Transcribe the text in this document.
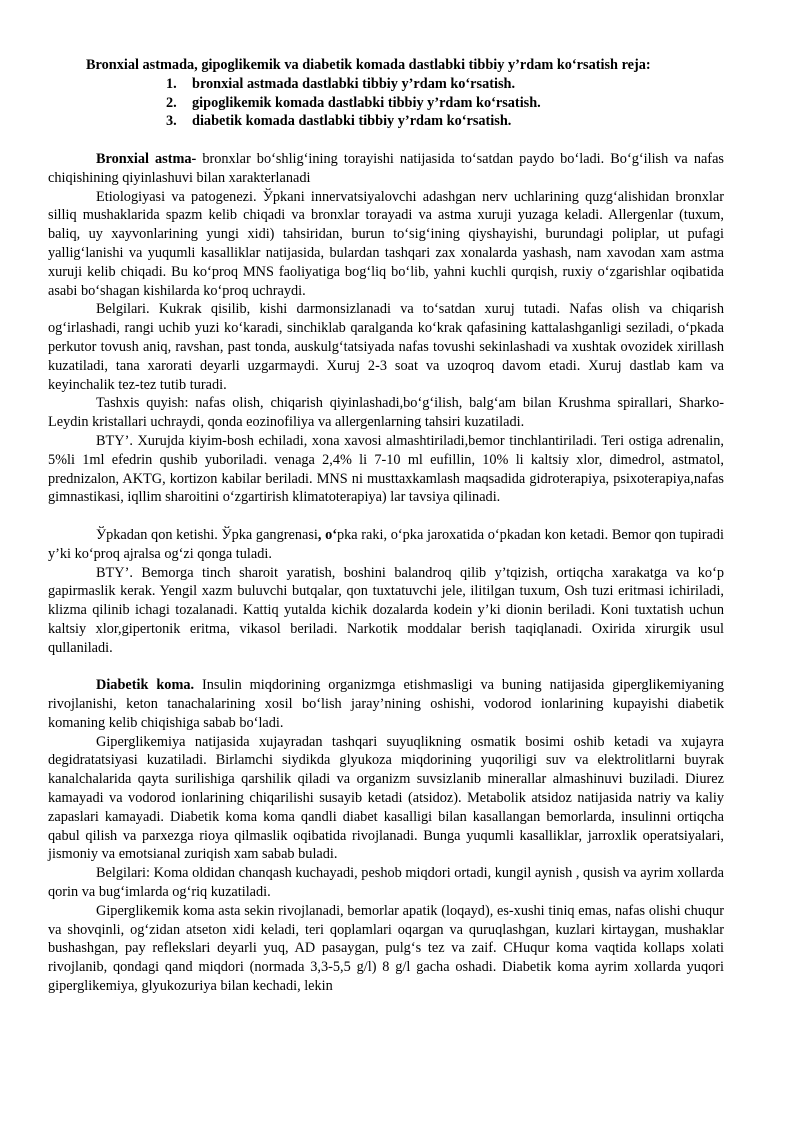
Bronxial astmada, gipoglikemik va diabetik komada dastlabki tibbiy y’rdam ko‘rsatish reja:

1.	bronxial astmada dastlabki tibbiy y’rdam ko‘rsatish.
2.	gipoglikemik komada dastlabki tibbiy y’rdam ko‘rsatish.
3.	diabetik komada dastlabki tibbiy y’rdam ko‘rsatish.

Bronxial astma- bronxlar bo‘shlig‘ining torayishi natijasida to‘satdan paydo bo‘ladi. Bo‘g‘ilish va nafas chiqishining qiyinlashuvi bilan xarakterlanadi

Etiologiyasi va patogenezi. Ўpkani innervatsiyalovchi adashgan nerv uchlarining quzg‘alishidan bronxlar silliq mushaklarida spazm kelib chiqadi va bronxlar torayadi va astma xuruji yuzaga keladi. Allergenlar (tuxum, baliq, uy xayvonlarining yungi xidi) tahsiridan, burun to‘sig‘ining qiyshayishi, burundagi poliplar, ut pufagi yallig‘lanishi va yuqumli kasalliklar natijasida, bulardan tashqari zax xonalarda yashash, nam xavodan xam astma xuruji kelib chiqadi. Bu ko‘proq MNS faoliyatiga bog‘liq bo‘lib, yahni kuchli qurqish, ruxiy o‘zgarishlar oqibatida asabi bo‘shagan kishilarda ko‘proq uchraydi.

Belgilari. Kukrak qisilib, kishi darmonsizlanadi va to‘satdan xuruj tutadi. Nafas olish va chiqarish og‘irlashadi, rangi uchib yuzi ko‘karadi, sinchiklab qaralganda ko‘krak qafasining kattalashganligi seziladi, o‘pkada perkutor tovush aniq, ravshan, past tonda, auskulg‘tatsiyada nafas tovushi sekinlashadi va xushtak ovozidek xirillash kuzatiladi, tana xarorati deyarli uzgarmaydi. Xuruj 2-3 soat va uzoqroq davom etadi. Xuruj dastlab kam va keyinchalik tez-tez tutib turadi.

Tashxis quyish: nafas olish, chiqarish qiyinlashadi,bo‘g‘ilish, balg‘am bilan Krushma spirallari, Sharko-Leydin kristallari uchraydi, qonda eozinofiliya va allergenlarning tahsiri kuzatiladi.

BTY’. Xurujda kiyim-bosh echiladi, xona xavosi almashtiriladi,bemor tinchlantiriladi. Teri ostiga adrenalin, 5%li 1ml efedrin qushib yuboriladi. venaga 2,4% li 7-10 ml eufillin, 10% li kaltsiy xlor, dimedrol, astmatol, prednizalon, AKTG, kortizon kabilar beriladi. MNS ni musttaxkamlash maqsadida gidroterapiya, psixoterapiya,nafas gimnastikasi, iqllim sharoitini o‘zgartirish klimatoterapiya) lar tavsiya qilinadi.

Ўpkadan qon ketishi. Ўpka gangrenasi, o‘pka raki, o‘pka jaroxatida o‘pkadan kon ketadi. Bemor qon tupiradi y’ki ko‘proq ajralsa og‘zi qonga tuladi.

BTY’. Bemorga tinch sharoit yaratish, boshini balandroq qilib y’tqizish, ortiqcha xarakatga va ko‘p gapirmaslik kerak. Yengil xazm buluvchi butqalar, qon tuxtatuvchi jele, ilitilgan tuxum, Osh tuzi eritmasi ichiriladi, klizma qilinib ichagi tozalanadi. Kattiq yutalda kichik dozalarda kodein y’ki dionin beriladi. Koni tuxtatish uchun kaltsiy xlor,gipertonik eritma, vikasol beriladi. Narkotik moddalar berish taqiqlanadi. Oxirida xirurgik usul qullaniladi.

Diabetik koma. Insulin miqdorining organizmga etishmasligi va buning natijasida giperglikemiyaning rivojlanishi, keton tanachalarining xosil bo‘lish jaray’nining oshishi, vodorod ionlarining kupayishi diabetik komaning kelib chiqishiga sabab bo‘ladi.

Giperglikemiya natijasida xujayradan tashqari suyuqlikning osmatik bosimi oshib ketadi va xujayra degidratatsiyasi kuzatiladi. Birlamchi siydikda glyukoza miqdorining yuqoriligi suv va elektrolitlarni buyrak kanalchalarida qayta surilishiga qarshilik qiladi va organizm suvsizlanib minerallar almashinuvi buziladi. Diurez kamayadi va vodorod ionlarining chiqarilishi susayib ketadi (atsidoz). Metabolik atsidoz natijasida natriy va kaliy zapaslari kamayadi. Diabetik koma koma qandli diabet kasalligi bilan kasallangan bemorlarda, insulinni ortiqcha qabul qilish va parxezga rioya qilmaslik oqibatida rivojlanadi. Bunga yuqumli kasalliklar, jarroxlik operatsiyalari, jismoniy va emotsianal zuriqish xam sabab buladi.

Belgilari: Koma oldidan chanqash kuchayadi, peshob miqdori ortadi, kungil aynish , qusish va ayrim xollarda qorin va bug‘imlarda og‘riq kuzatiladi.

Giperglikemik koma asta sekin rivojlanadi, bemorlar apatik (loqayd), es-xushi tiniq emas, nafas olishi chuqur va shovqinli, og‘zidan atseton xidi keladi, teri qoplamlari oqargan va quruqlashgan, kuzlari kirtaygan, mushaklar bushashgan, pay reflekslari deyarli yuq, AD pasaygan, pulg‘s tez va zaif. CHuqur koma vaqtida kollaps xolati rivojlanib, qondagi qand miqdori (normada 3,3-5,5 g/l) 8 g/l gacha oshadi. Diabetik koma ayrim xollarda yuqori giperglikemiya, glyukozuriya bilan kechadi, lekin
